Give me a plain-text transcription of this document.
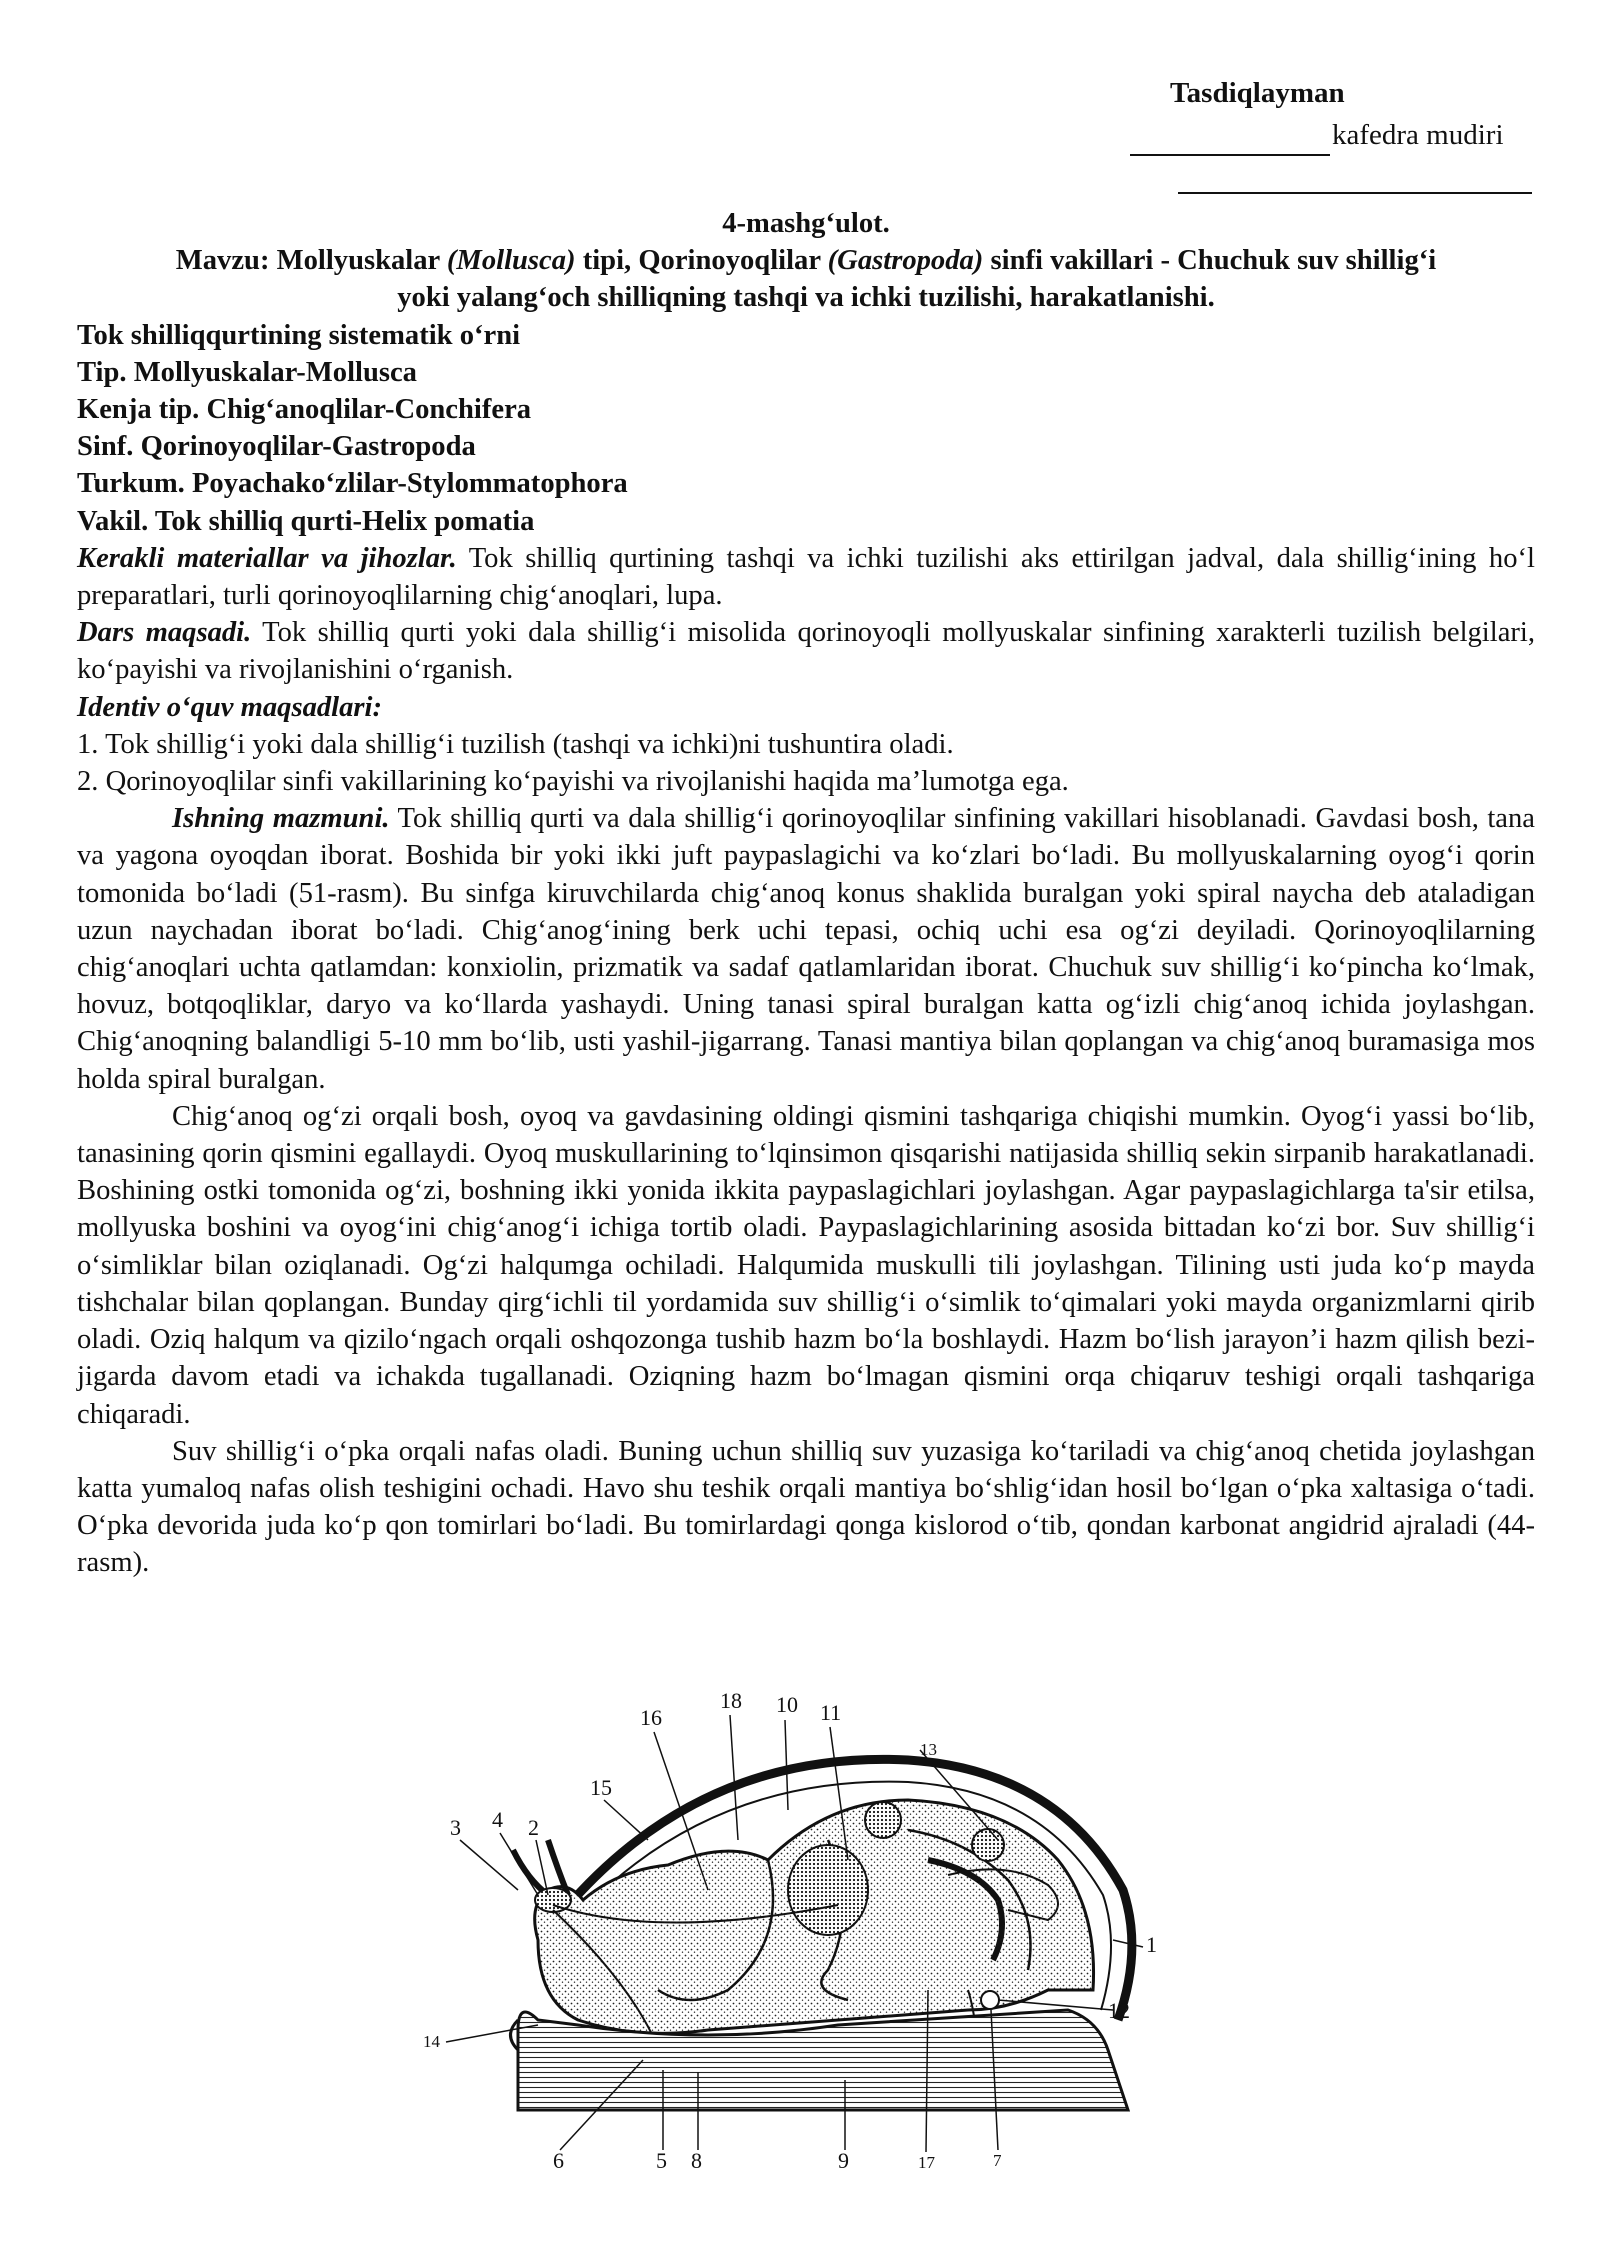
Tasdiqlayman
kafedra mudiri
4-mashg‘ulot.
Mavzu: Mollyuskalar (Mollusca) tipi, Qorinoyoqlilar (Gastropoda) sinfi vakillari - Chuchuk suv shillig‘i
yoki yalang‘och shilliqning tashqi va ichki tuzilishi, harakatlanishi.

Tok shilliqqurtining sistematik o‘rni

Tip. Mollyuskalar-Mollusca

Kenja tip. Chig‘anoqlilar-Conchifera

Sinf. Qorinoyoqlilar-Gastropoda

Turkum. Poyachako‘zlilar-Stylommatophora

Vakil. Tok shilliq qurti-Helix pomatia

Kerakli materiallar va jihozlar. Tok shilliq qurtining tashqi va ichki tuzilishi aks ettirilgan jadval, dala shillig‘ining ho‘l preparatlari, turli qorinoyoqlilarning chig‘anoqlari, lupa.

Dars maqsadi. Tok shilliq qurti yoki dala shillig‘i misolida qorinoyoqli mollyuskalar sinfining xarakterli tuzilish belgilari, ko‘payishi va rivojlanishini o‘rganish.

Identiv o‘quv maqsadlari:

1. Tok shillig‘i yoki dala shillig‘i tuzilish (tashqi va ichki)ni tushuntira oladi.

2. Qorinoyoqlilar sinfi vakillarining ko‘payishi va rivojlanishi haqida ma’lumotga ega.

Ishning mazmuni. Tok shilliq qurti va dala shillig‘i qorinoyoqlilar sinfining vakillari hisoblanadi. Gavdasi bosh, tana va yagona oyoqdan iborat. Boshida bir yoki ikki juft paypaslagichi va ko‘zlari bo‘ladi. Bu mollyuskalarning oyog‘i qorin tomonida bo‘ladi (51-rasm). Bu sinfga kiruvchilarda chig‘anoq konus shaklida buralgan yoki spiral naycha deb ataladigan uzun naychadan iborat bo‘ladi. Chig‘anog‘ining berk uchi tepasi, ochiq uchi esa og‘zi deyiladi. Qorinoyoqlilarning chig‘anoqlari uchta qatlamdan: konxiolin, prizmatik va sadaf qatlamlaridan iborat. Chuchuk suv shillig‘i ko‘pincha ko‘lmak, hovuz, botqoqliklar, daryo va ko‘llarda yashaydi. Uning tanasi spiral buralgan katta og‘izli chig‘anoq ichida joylashgan. Chig‘anoqning balandligi 5-10 mm bo‘lib, usti yashil-jigarrang. Tanasi mantiya bilan qoplangan va chig‘anoq buramasiga mos holda spiral buralgan.

Chig‘anoq og‘zi orqali bosh, oyoq va gavdasining oldingi qismini tashqariga chiqishi mumkin. Oyog‘i yassi bo‘lib, tanasining qorin qismini egallaydi. Oyoq muskullarining to‘lqinsimon qisqarishi natijasida shilliq sekin sirpanib harakatlanadi. Boshining ostki tomonida og‘zi, boshning ikki yonida ikkita paypaslagichlari joylashgan. Agar paypaslagichlarga ta'sir etilsa, mollyuska boshini va oyog‘ini chig‘anog‘i ichiga tortib oladi. Paypaslagichlarining asosida bittadan ko‘zi bor. Suv shillig‘i o‘simliklar bilan oziqlanadi. Og‘zi halqumga ochiladi. Halqumida muskulli tili joylashgan. Tilining usti juda ko‘p mayda tishchalar bilan qoplangan. Bunday qirg‘ichli til yordamida suv shillig‘i o‘simlik to‘qimalari yoki mayda organizmlarni qirib oladi. Oziq halqum va qizilo‘ngach orqali oshqozonga tushib hazm bo‘la boshlaydi. Hazm bo‘lish jarayon’i hazm qilish bezi-jigarda davom etadi va ichakda tugallanadi. Oziqning hazm bo‘lmagan qismini orqa chiqaruv teshigi orqali tashqariga chiqaradi.

Suv shillig‘i o‘pka orqali nafas oladi. Buning uchun shilliq suv yuzasiga ko‘tariladi va chig‘anoq chetida joylashgan katta yumaloq nafas olish teshigini ochadi. Havo shu teshik orqali mantiya bo‘shlig‘idan hosil bo‘lgan o‘pka xaltasiga o‘tadi. O‘pka devorida juda ko‘p qon tomirlari bo‘ladi. Bu tomirlardagi qonga kislorod o‘tib, qondan karbonat angidrid ajraladi (44-rasm).

18
16
10 11
13
15
3 4 2
1
12
14
6	5 8	9	17	7
